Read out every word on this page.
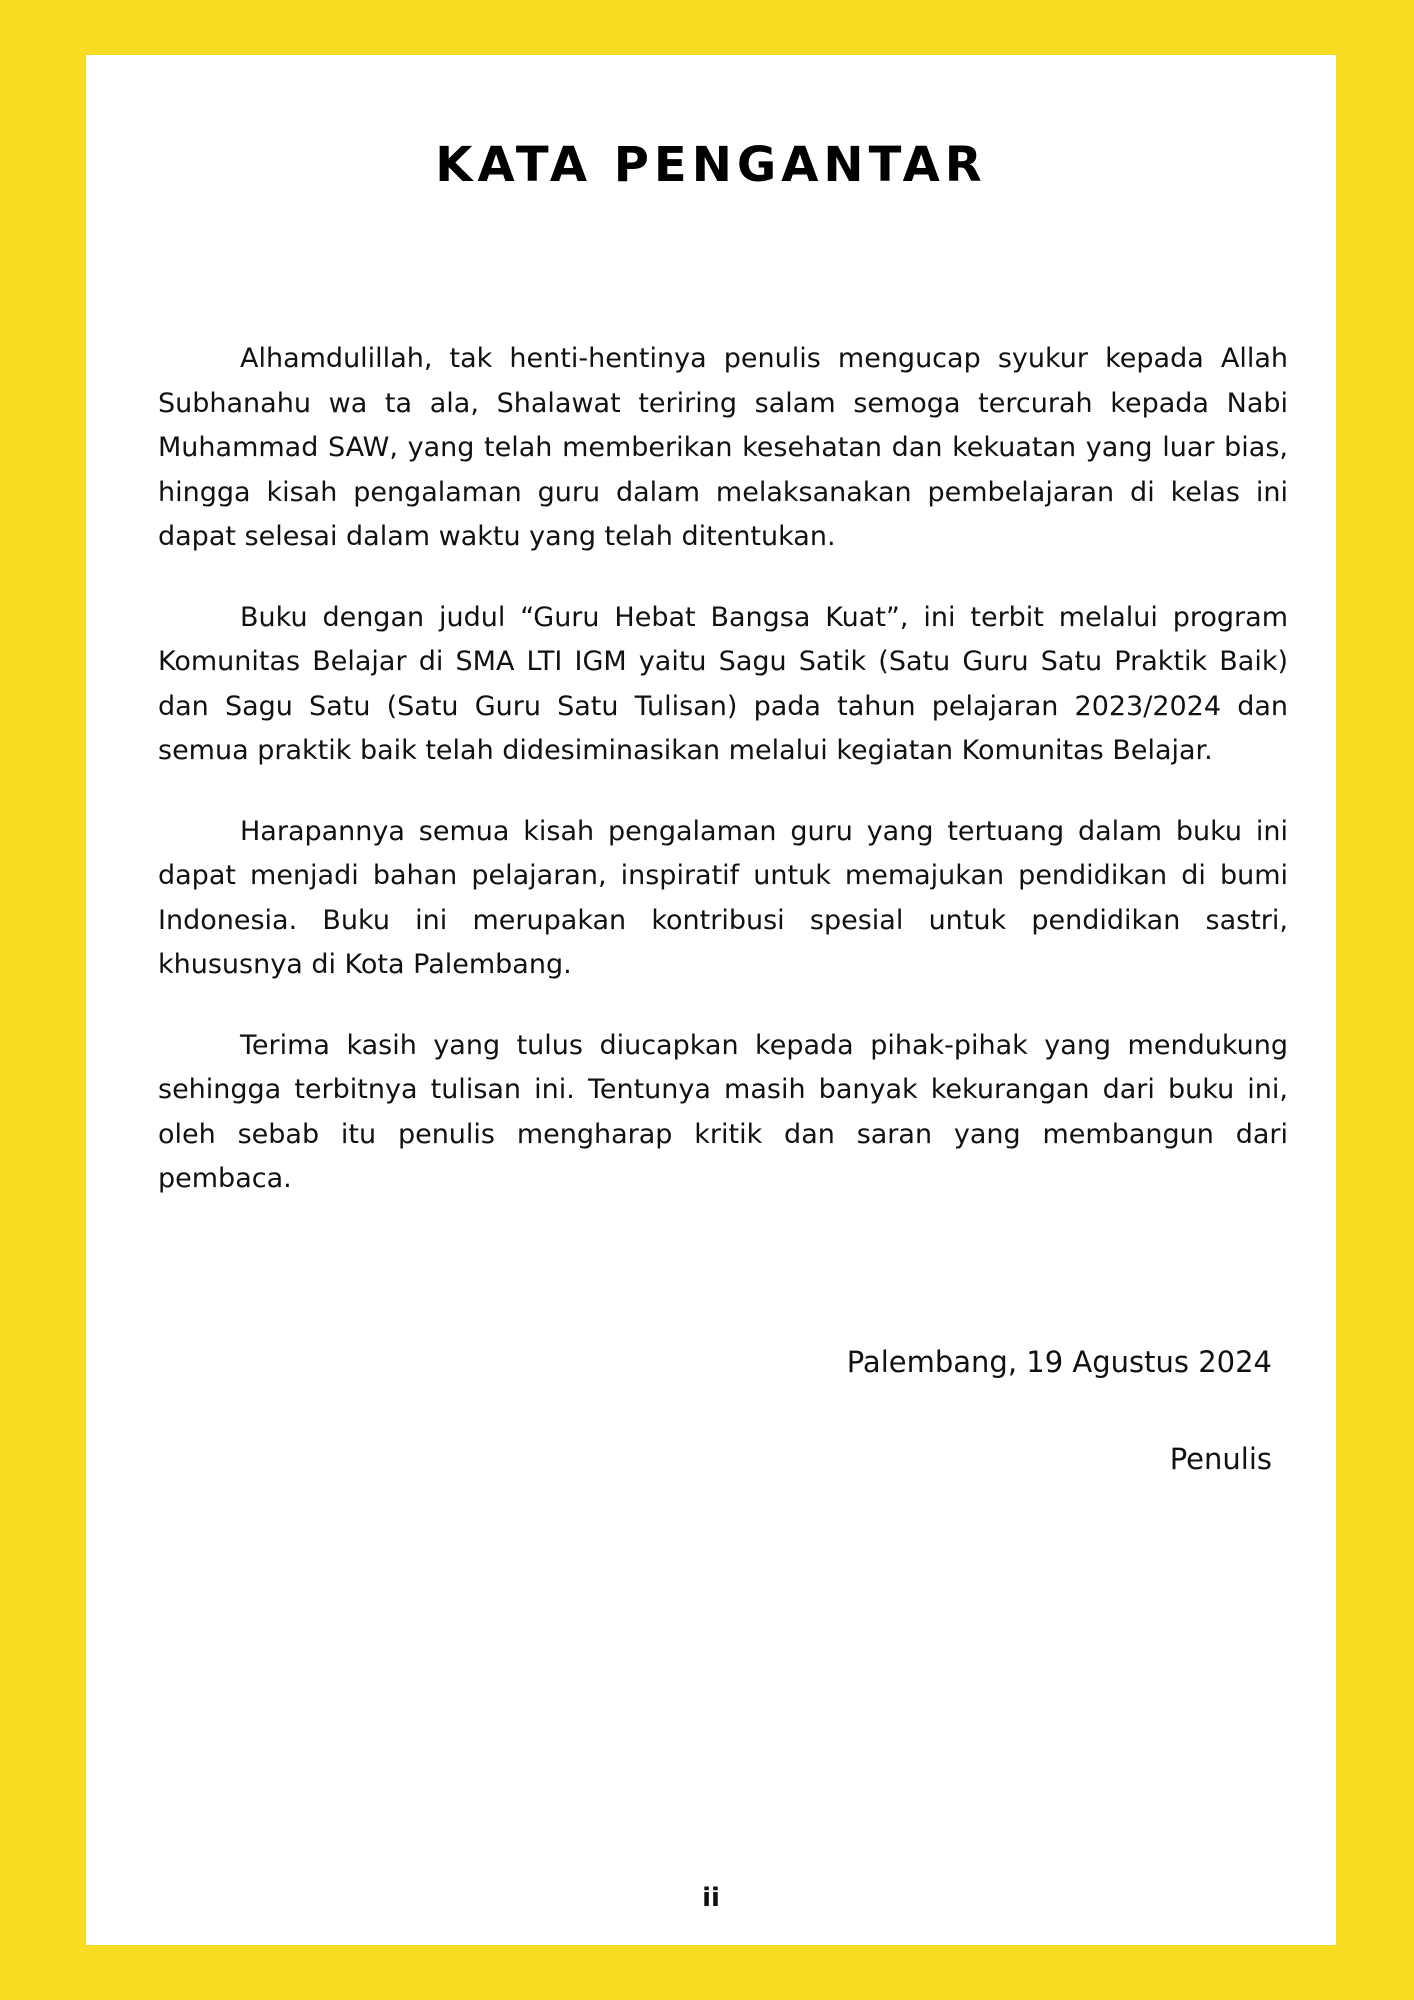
KATA PENGANTAR

Alhamdulillah, tak henti-hentinya penulis mengucap syukur kepada Allah Subhanahu wa ta ala, Shalawat teriring salam semoga tercurah kepada Nabi Muhammad SAW, yang telah memberikan kesehatan dan kekuatan yang luar bias, hingga kisah pengalaman guru dalam melaksanakan pembelajaran di kelas ini dapat selesai dalam waktu yang telah ditentukan.

Buku dengan judul “Guru Hebat Bangsa Kuat”, ini terbit melalui program Komunitas Belajar di SMA LTI IGM yaitu Sagu Satik (Satu Guru Satu Praktik Baik) dan Sagu Satu (Satu Guru Satu Tulisan) pada tahun pelajaran 2023/2024 dan semua praktik baik telah didesiminasikan melalui kegiatan Komunitas Belajar.

Harapannya semua kisah pengalaman guru yang tertuang dalam buku ini dapat menjadi bahan pelajaran, inspiratif untuk memajukan pendidikan di bumi Indonesia. Buku ini merupakan kontribusi spesial untuk pendidikan sastri, khususnya di Kota Palembang.

Terima kasih yang tulus diucapkan kepada pihak-pihak yang mendukung sehingga terbitnya tulisan ini. Tentunya masih banyak kekurangan dari buku ini, oleh sebab itu penulis mengharap kritik dan saran yang membangun dari pembaca.

Palembang, 19 Agustus 2024

Penulis

ii
